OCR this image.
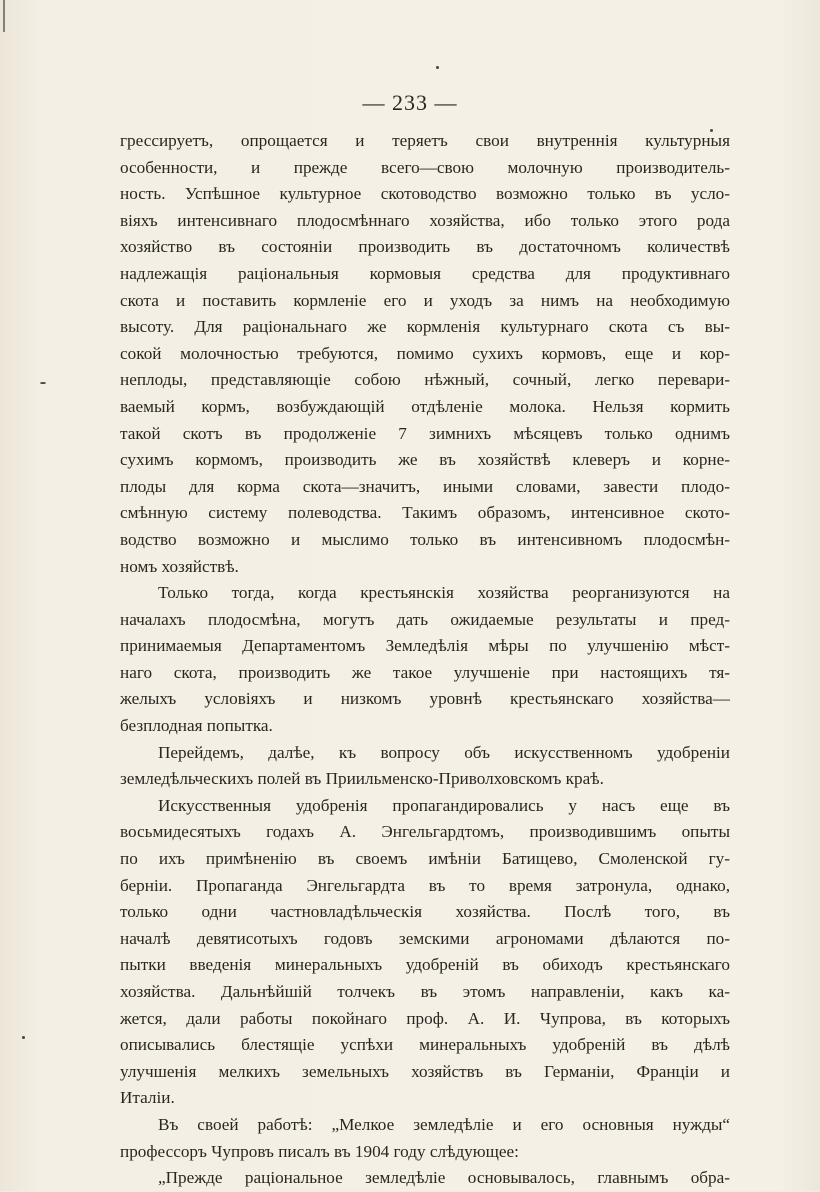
— 233 —
грессируетъ, опрощается и теряетъ свои внутреннія культурныя
особенности, и прежде всего—свою молочную производитель-
ность. Успѣшное культурное скотоводство возможно только въ усло-
віяхъ интенсивнаго плодосмѣннаго хозяйства, ибо только этого рода
хозяйство въ состояніи производить въ достаточномъ количествѣ
надлежащія раціональныя кормовыя средства для продуктивнаго
скота и поставить кормленіе его и уходъ за нимъ на необходимую
высоту. Для раціональнаго же кормленія культурнаго скота съ вы-
сокой молочностью требуются, помимо сухихъ кормовъ, еще и кор-
неплоды, представляющіе собою нѣжный, сочный, легко перевари-
ваемый кормъ, возбуждающій отдѣленіе молока. Нельзя кормить
такой скотъ въ продолженіе 7 зимнихъ мѣсяцевъ только однимъ
сухимъ кормомъ, производить же въ хозяйствѣ клеверъ и корне-
плоды для корма скота—значитъ, иными словами, завести плодо-
смѣнную систему полеводства. Такимъ образомъ, интенсивное ското-
водство возможно и мыслимо только въ интенсивномъ плодосмѣн-
номъ хозяйствѣ.
Только тогда, когда крестьянскія хозяйства реорганизуются на
началахъ плодосмѣна, могутъ дать ожидаемые результаты и пред-
принимаемыя Департаментомъ Земледѣлія мѣры по улучшенію мѣст-
наго скота, производить же такое улучшеніе при настоящихъ тя-
желыхъ условіяхъ и низкомъ уровнѣ крестьянскаго хозяйства—
безплодная попытка.
Перейдемъ, далѣе, къ вопросу объ искусственномъ удобреніи
земледѣльческихъ полей въ Приильменско-Приволховскомъ краѣ.
Искусственныя удобренія пропагандировались у насъ еще въ
восьмидесятыхъ годахъ А. Энгельгардтомъ, производившимъ опыты
по ихъ примѣненію въ своемъ имѣніи Батищево, Смоленской гу-
берніи. Пропаганда Энгельгардта въ то время затронула, однако,
только одни частновладѣльческія хозяйства. Послѣ того, въ
началѣ девятисотыхъ годовъ земскими агрономами дѣлаются по-
пытки введенія минеральныхъ удобреній въ обиходъ крестьянскаго
хозяйства. Дальнѣйшій толчекъ въ этомъ направленіи, какъ ка-
жется, дали работы покойнаго проф. А. И. Чупрова, въ которыхъ
описывались блестящіе успѣхи минеральныхъ удобреній въ дѣлѣ
улучшенія мелкихъ земельныхъ хозяйствъ въ Германіи, Франціи и
Италіи.
Въ своей работѣ: „Мелкое земледѣліе и его основныя нужды“
профессоръ Чупровъ писалъ въ 1904 году слѣдующее:
„Прежде раціональное земледѣліе основывалось, главнымъ обра-
